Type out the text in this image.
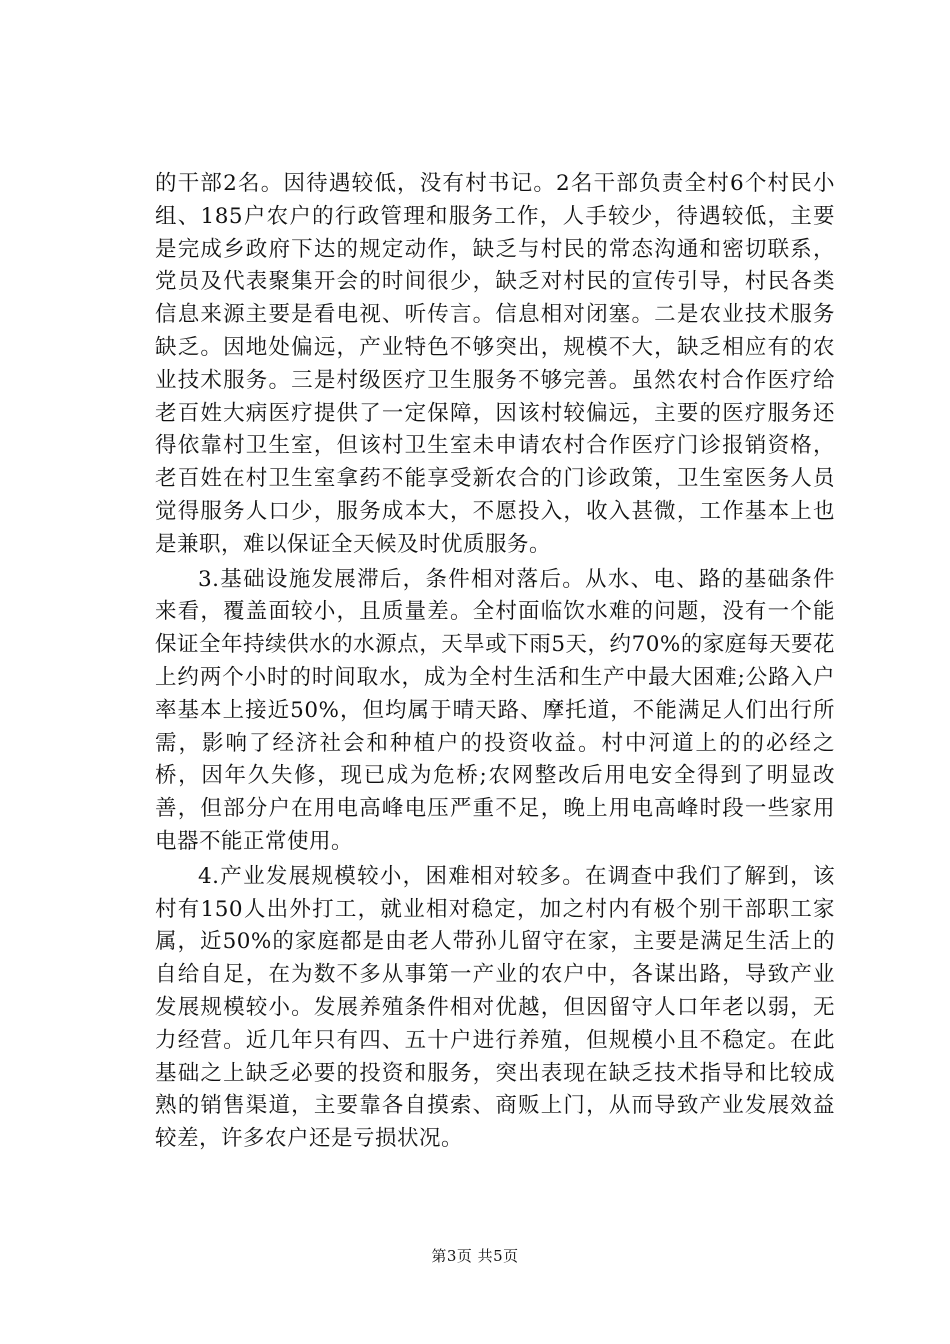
的干部2名。因待遇较低，没有村书记。2名干部负责全村6个村民小组、185户农户的行政管理和服务工作，人手较少，待遇较低，主要是完成乡政府下达的规定动作，缺乏与村民的常态沟通和密切联系，党员及代表聚集开会的时间很少，缺乏对村民的宣传引导，村民各类信息来源主要是看电视、听传言。信息相对闭塞。二是农业技术服务缺乏。因地处偏远，产业特色不够突出，规模不大，缺乏相应有的农业技术服务。三是村级医疗卫生服务不够完善。虽然农村合作医疗给老百姓大病医疗提供了一定保障，因该村较偏远，主要的医疗服务还得依靠村卫生室，但该村卫生室未申请农村合作医疗门诊报销资格，老百姓在村卫生室拿药不能享受新农合的门诊政策，卫生室医务人员觉得服务人口少，服务成本大，不愿投入，收入甚微，工作基本上也是兼职，难以保证全天候及时优质服务。

3.基础设施发展滞后，条件相对落后。从水、电、路的基础条件来看，覆盖面较小，且质量差。全村面临饮水难的问题，没有一个能保证全年持续供水的水源点，天旱或下雨5天，约70%的家庭每天要花上约两个小时的时间取水，成为全村生活和生产中最大困难;公路入户率基本上接近50%，但均属于晴天路、摩托道，不能满足人们出行所需，影响了经济社会和种植户的投资收益。村中河道上的的必经之桥，因年久失修，现已成为危桥;农网整改后用电安全得到了明显改善，但部分户在用电高峰电压严重不足，晚上用电高峰时段一些家用电器不能正常使用。

4.产业发展规模较小，困难相对较多。在调查中我们了解到，该村有150人出外打工，就业相对稳定，加之村内有极个别干部职工家属，近50%的家庭都是由老人带孙儿留守在家，主要是满足生活上的自给自足，在为数不多从事第一产业的农户中，各谋出路，导致产业发展规模较小。发展养殖条件相对优越，但因留守人口年老以弱，无力经营。近几年只有四、五十户进行养殖，但规模小且不稳定。在此基础之上缺乏必要的投资和服务，突出表现在缺乏技术指导和比较成熟的销售渠道，主要靠各自摸索、商贩上门，从而导致产业发展效益较差，许多农户还是亏损状况。

第3页 共5页
